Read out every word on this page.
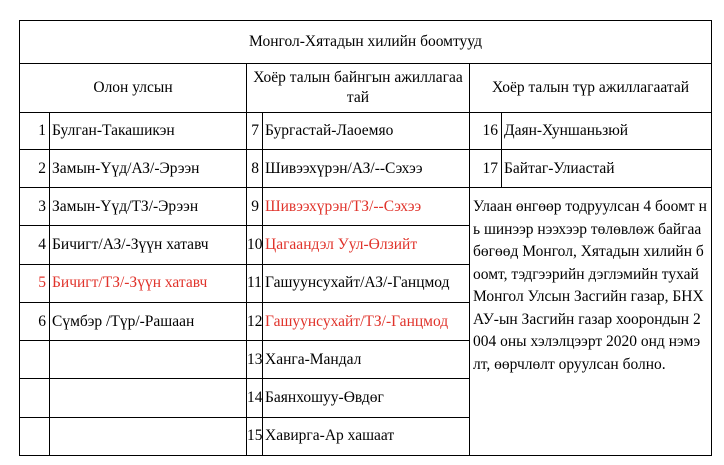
Монгол-Хятадын хилийн боомтууд					
Олон улсын		Хоёр талын байнгын ажиллагаа тай		Хоёр талын түр ажиллагаатай	
1	Булган-Такашикэн	7	Бургастай-Лаоемяо	16	Даян-Хуншаньзюй
2	Замын-Үүд/АЗ/-Эрээн	8	Шивээхүрэн/АЗ/--Сэхээ	17	Байтаг-Улиастай
3	Замын-Үүд/ТЗ/-Эрээн	9	Шивээхүрэн/ТЗ/--Сэхээ	Улаан өнгөөр тодруулсан 4 боомт нь шинээр нээхээр төлөвлөж байгаа бөгөөд Монгол, Хятадын хилийн боомт, тэдгээрийн дэглэмийн тухай Монгол Улсын Засгийн газар, БНХАУ-ын Засгийн газар хоорондын 2004 оны хэлэлцээрт 2020 онд нэмэлт, өөрчлөлт оруулсан болно.	
4	Бичигт/АЗ/-Зүүн хатавч	10	Цагаандэл Уул-Өлзийт		
5	Бичигт/ТЗ/-Зүүн хатавч	11	Гашуунсухайт/АЗ/-Ганцмод		
6	Сүмбэр /Түр/-Рашаан	12	Гашуунсухайт/ТЗ/-Ганцмод		
		13	Ханга-Мандал		
		14	Баянхошуу-Өвдөг		
		15	Хавирга-Ар хашаат		
